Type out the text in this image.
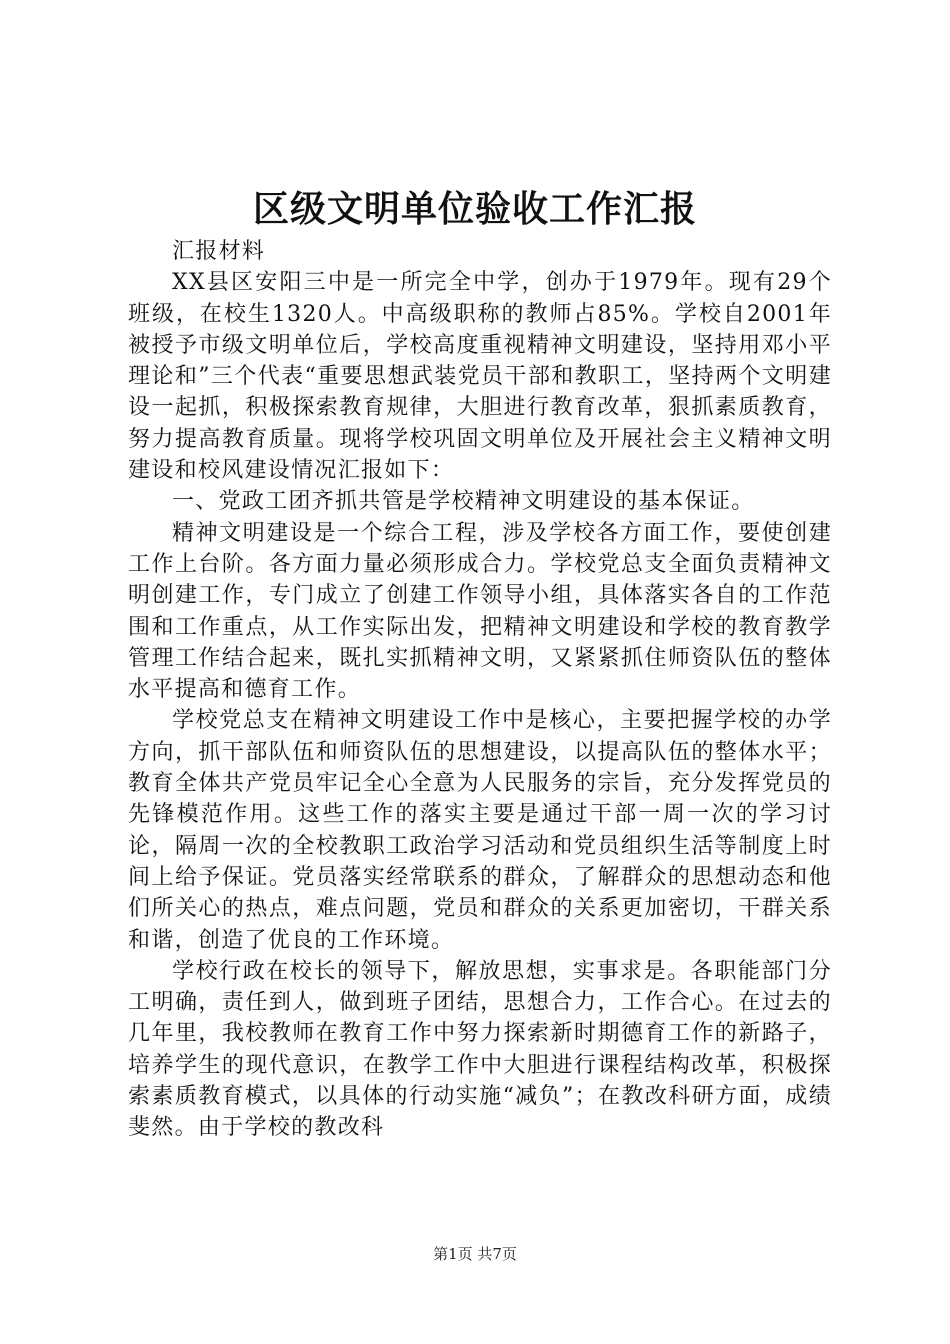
区级文明单位验收工作汇报

汇报材料

XX县区安阳三中是一所完全中学，创办于1979年。现有29个班级，在校生1320人。中高级职称的教师占85%。学校自2001年被授予市级文明单位后，学校高度重视精神文明建设，坚持用邓小平理论和”三个代表“重要思想武装党员干部和教职工，坚持两个文明建设一起抓，积极探索教育规律，大胆进行教育改革，狠抓素质教育，努力提高教育质量。现将学校巩固文明单位及开展社会主义精神文明建设和校风建设情况汇报如下：

一、党政工团齐抓共管是学校精神文明建设的基本保证。

精神文明建设是一个综合工程，涉及学校各方面工作，要使创建工作上台阶。各方面力量必须形成合力。学校党总支全面负责精神文明创建工作，专门成立了创建工作领导小组，具体落实各自的工作范围和工作重点，从工作实际出发，把精神文明建设和学校的教育教学管理工作结合起来，既扎实抓精神文明，又紧紧抓住师资队伍的整体水平提高和德育工作。

学校党总支在精神文明建设工作中是核心，主要把握学校的办学方向，抓干部队伍和师资队伍的思想建设，以提高队伍的整体水平；教育全体共产党员牢记全心全意为人民服务的宗旨，充分发挥党员的先锋模范作用。这些工作的落实主要是通过干部一周一次的学习讨论，隔周一次的全校教职工政治学习活动和党员组织生活等制度上时间上给予保证。党员落实经常联系的群众，了解群众的思想动态和他们所关心的热点，难点问题，党员和群众的关系更加密切，干群关系和谐，创造了优良的工作环境。

学校行政在校长的领导下，解放思想，实事求是。各职能部门分工明确，责任到人，做到班子团结，思想合力，工作合心。在过去的几年里，我校教师在教育工作中努力探索新时期德育工作的新路子，培养学生的现代意识，在教学工作中大胆进行课程结构改革，积极探索素质教育模式，以具体的行动实施“减负”；在教改科研方面，成绩斐然。由于学校的教改科

第1页 共7页
